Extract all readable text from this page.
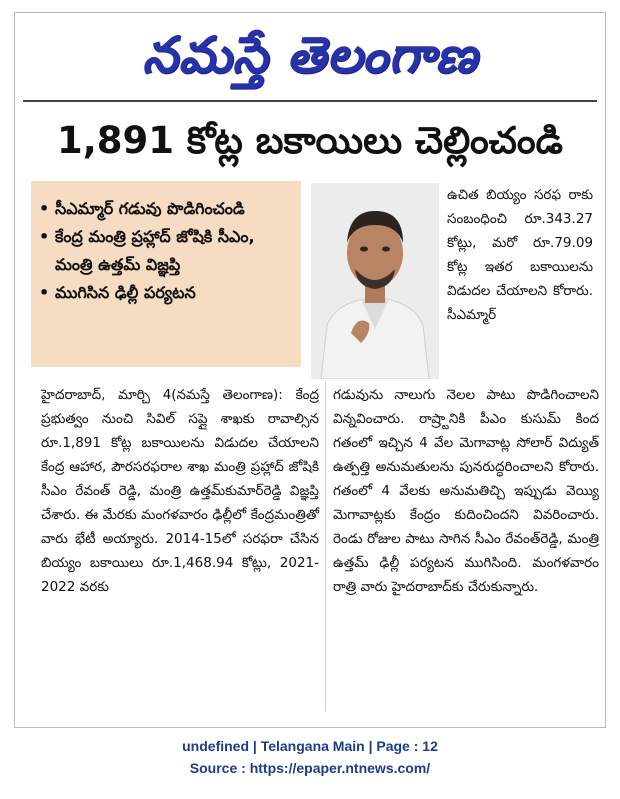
నమస్తే తెలంగాణ
1,891 కోట్ల బకాయిలు చెల్లించండి
• సీఎమ్మార్ గడువు పొడిగించండి
• కేంద్ర మంత్రి ప్రహ్లాద్ జోషికి సీఎం, మంత్రి ఉత్తమ్ విజ్ఞప్తి
• ముగిసిన ఢిల్లీ పర్యటన

ఉచిత బియ్యం సరఫ రాకు సంబంధించి రూ.343.27 కోట్లు, మరో రూ.79.09 కోట్ల ఇతర బకాయిలను విడుదల చేయాలని కోరారు. సీఎమ్మార్

హైదరాబాద్, మార్చి 4(నమస్తే తెలంగాణ): కేంద్ర ప్రభుత్వం నుంచి సివిల్ సప్లై శాఖకు రావాల్సిన రూ.1,891 కోట్ల బకాయిలను విడుదల చేయాలని కేంద్ర ఆహార, పౌరసరఫరాల శాఖ మంత్రి ప్రహ్లాద్ జోషికి సీఎం రేవంత్ రెడ్డి, మంత్రి ఉత్తమ్‌కుమార్‌రెడ్డి విజ్ఞప్తి చేశారు. ఈ మేరకు మంగళవారం ఢిల్లీలో కేంద్రమంత్రితో వారు భేటీ అయ్యారు. 2014-15లో సరఫరా చేసిన బియ్యం బకాయిలు రూ.1,468.94 కోట్లు, 2021-2022 వరకు

గడువును నాలుగు నెలల పాటు పొడిగించాలని విన్నవించారు. రాష్ర్టానికి పీఎం కుసుమ్ కింద గతంలో ఇచ్చిన 4 వేల మెగావాట్ల సోలార్ విద్యుత్ ఉత్పత్తి అనుమతులను పునరుద్ధరించాలని కోరారు. గతంలో 4 వేలకు అనుమతిచ్చి ఇప్పుడు వెయ్యి మెగావాట్లకు కేంద్రం కుదించిందని వివరించారు. రెండు రోజుల పాటు సాగిన సీఎం రేవంత్‌రెడ్డి, మంత్రి ఉత్తమ్ ఢిల్లీ పర్యటన ముగిసింది. మంగళవారం రాత్రి వారు హైదరాబాద్‌కు చేరుకున్నారు.

undefined | Telangana Main | Page : 12
Source : https://epaper.ntnews.com/
